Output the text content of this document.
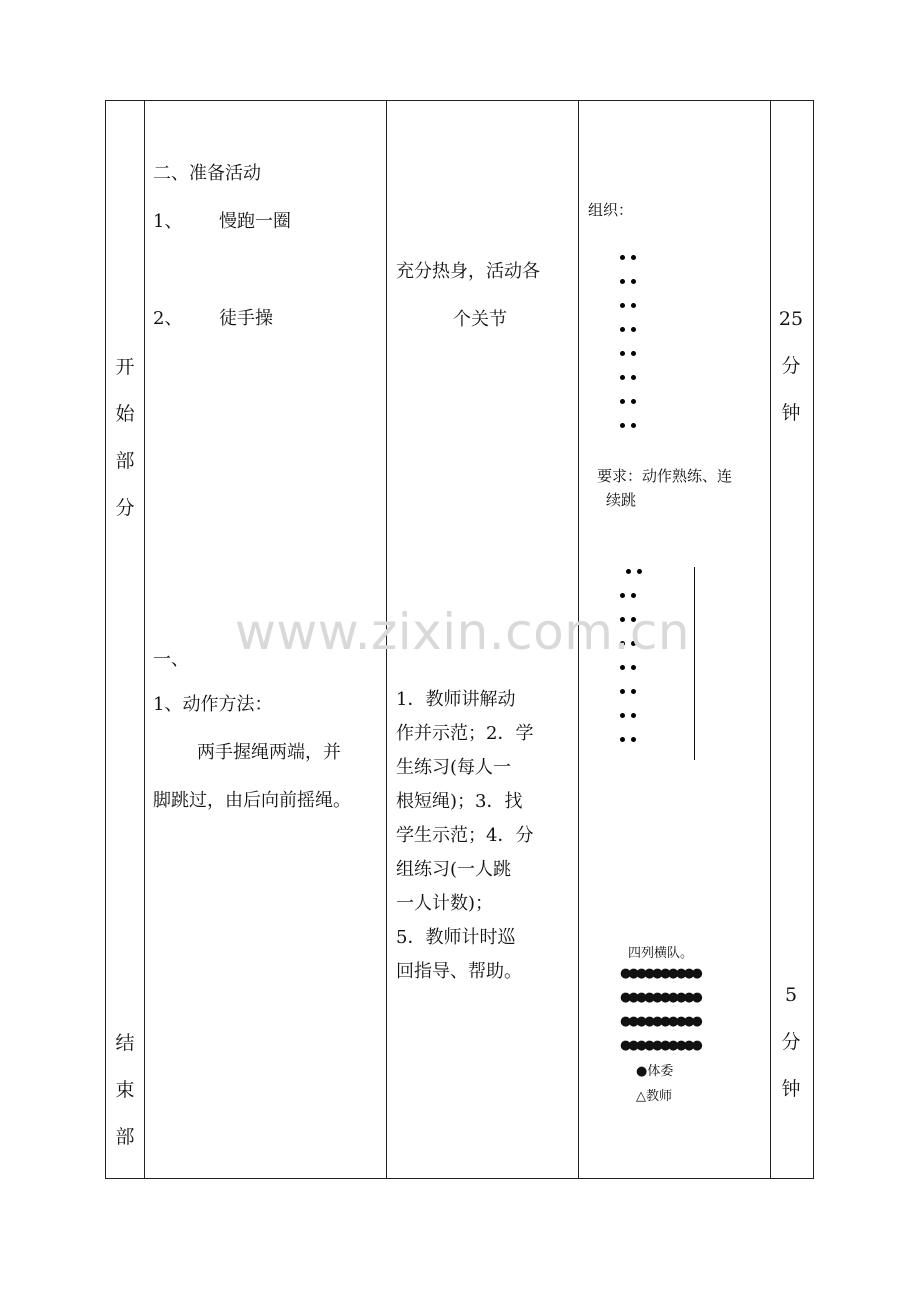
开
始
部
分
结
束
部
二、准备活动
1、 慢跑一圈
2、 徒手操
一、
1、动作方法：
两手握绳两端，并
脚跳过，由后向前摇绳。
充分热身，活动各
个关节
1．教师讲解动
作并示范；2．学
生练习(每人一
根短绳)；3．找
学生示范；4．分
组练习(一人跳
一人计数)；
5．教师计时巡
回指导、帮助。
组织：
要求：动作熟练、连
续跳
四列横队。
●●●●●●●●●●
●●●●●●●●●●
●●●●●●●●●●
●●●●●●●●●●
●体委
△教师
25
分
钟
5
分
钟
www.zixin.com.cn
